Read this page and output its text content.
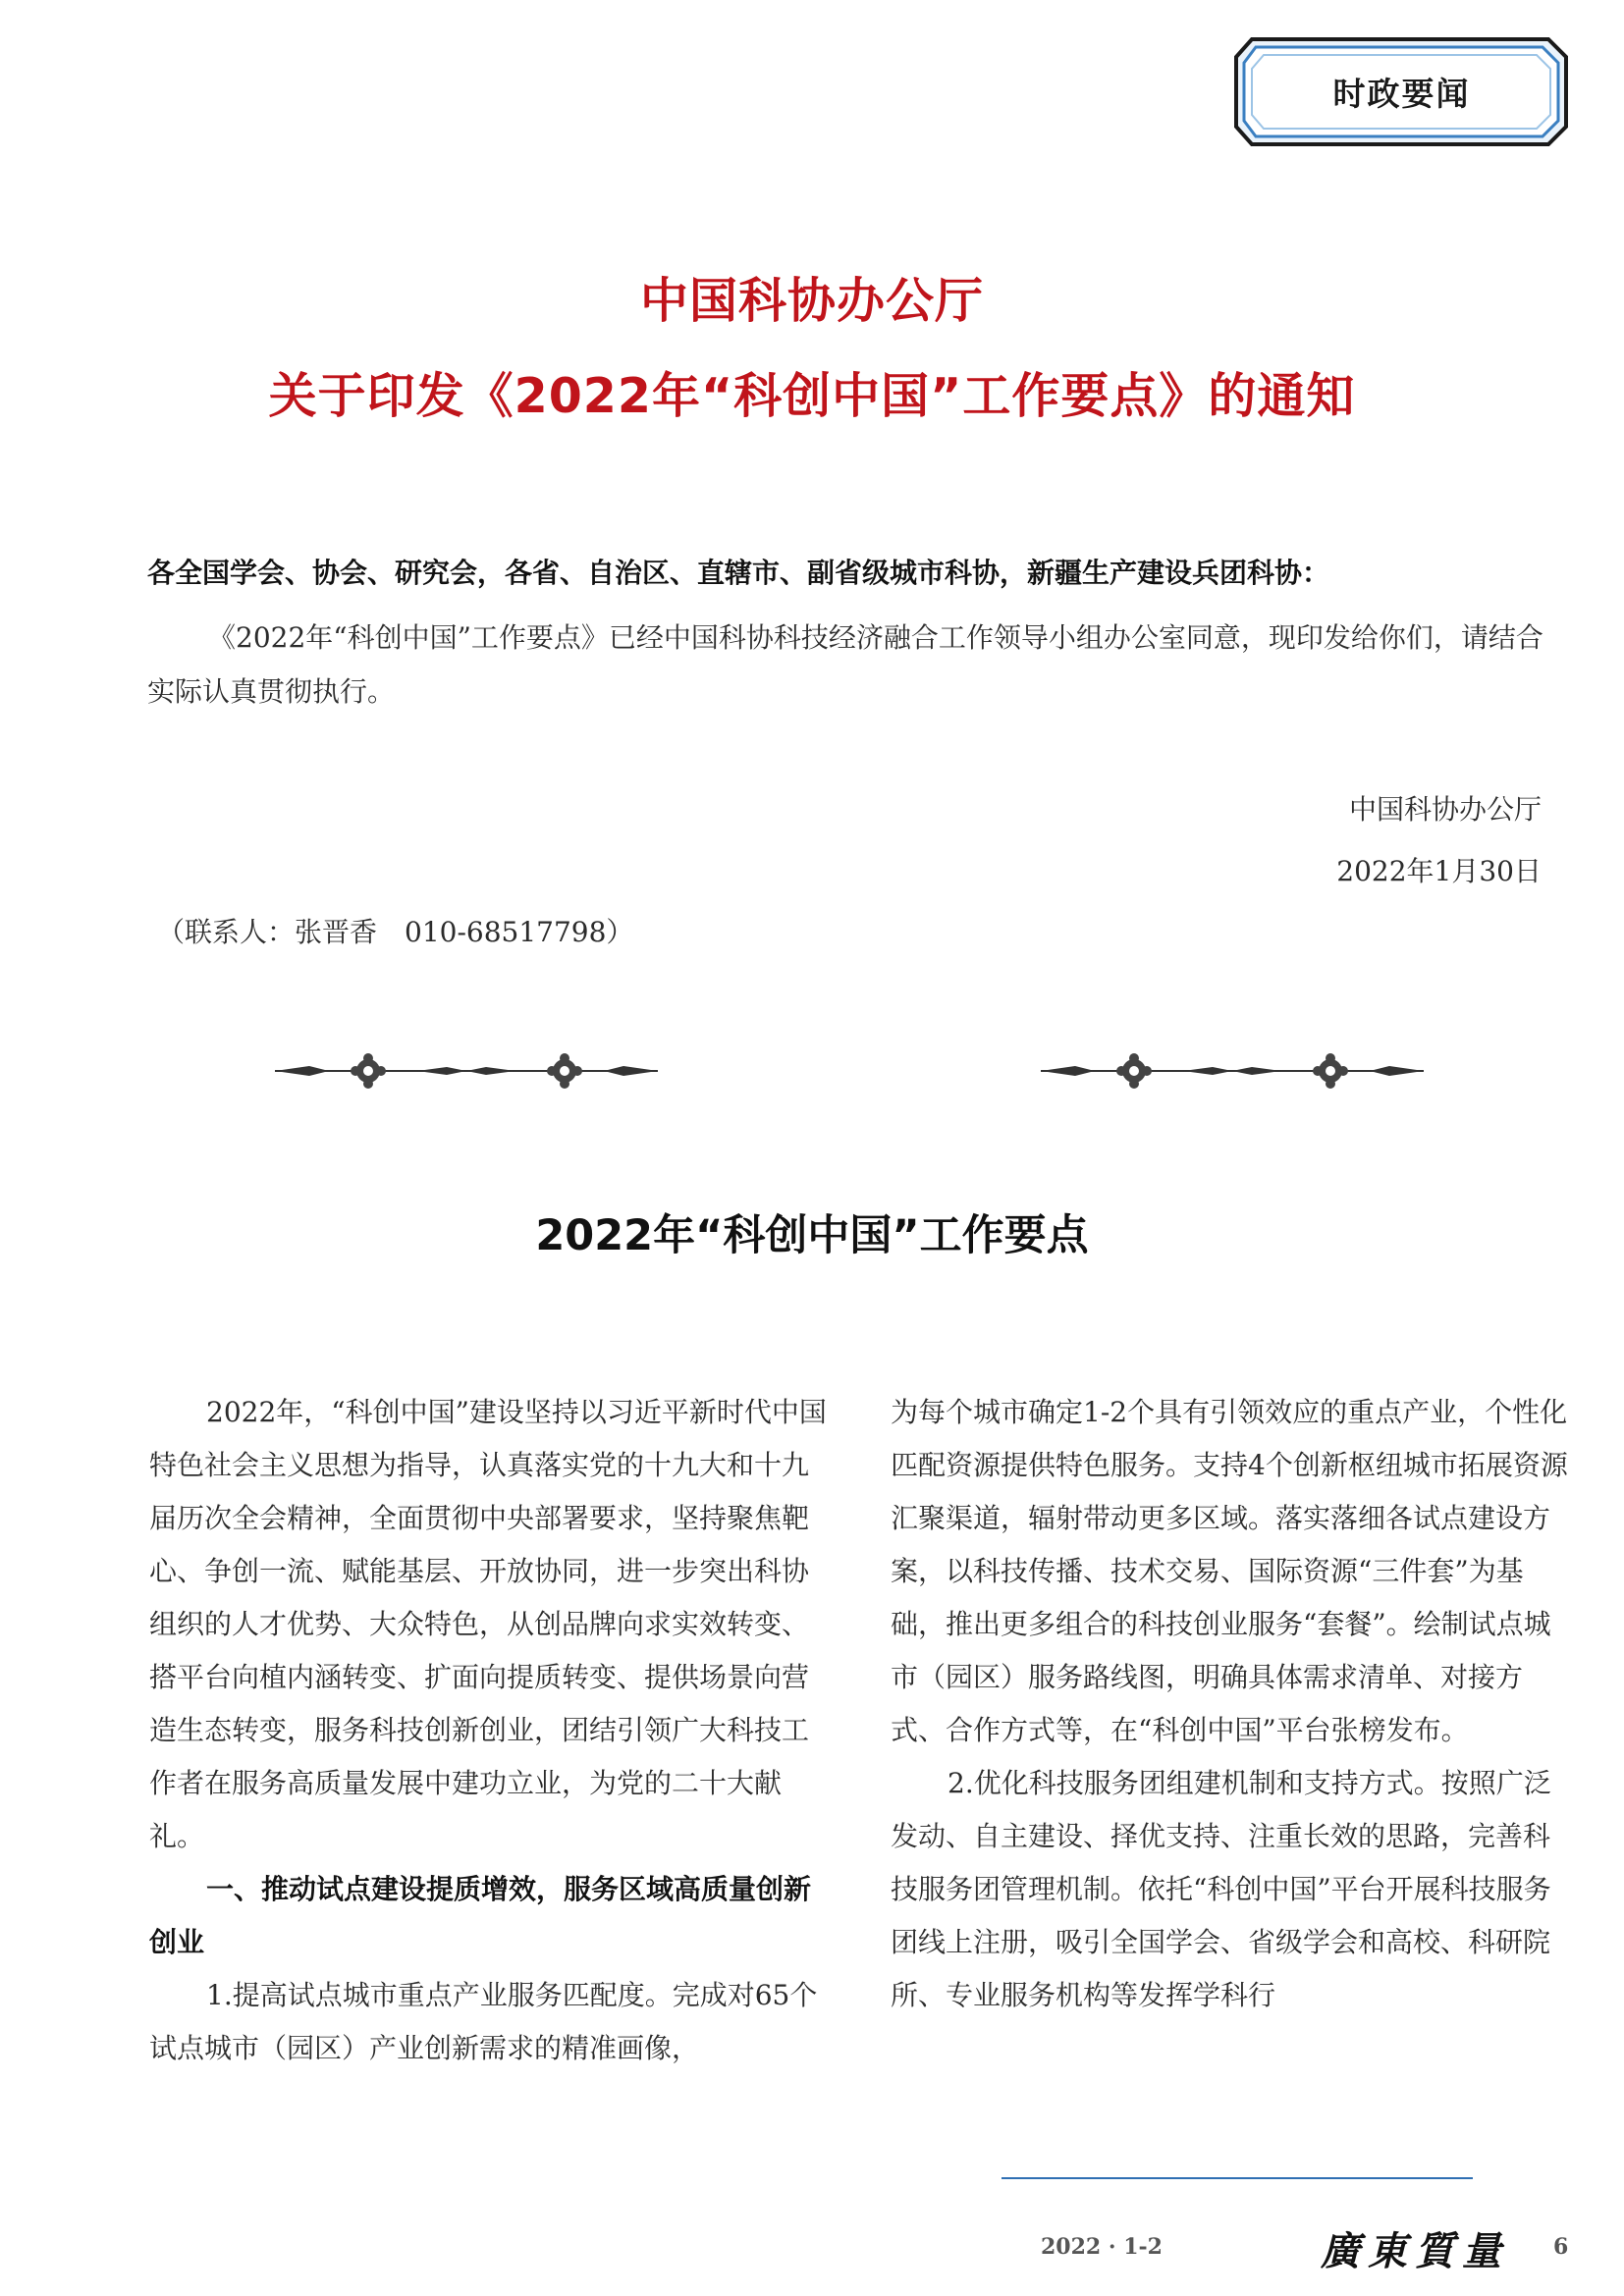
时政要闻
中国科协办公厅
关于印发《2022年“科创中国”工作要点》的通知
各全国学会、协会、研究会，各省、自治区、直辖市、副省级城市科协，新疆生产建设兵团科协：
《2022年“科创中国”工作要点》已经中国科协科技经济融合工作领导小组办公室同意，现印发给你们，请结合实际认真贯彻执行。
中国科协办公厅
2022年1月30日
（联系人：张晋香　010-68517798）
2022年“科创中国”工作要点

2022年，“科创中国”建设坚持以习近平新时代中国特色社会主义思想为指导，认真落实党的十九大和十九届历次全会精神，全面贯彻中央部署要求，坚持聚焦靶心、争创一流、赋能基层、开放协同，进一步突出科协组织的人才优势、大众特色，从创品牌向求实效转变、搭平台向植内涵转变、扩面向提质转变、提供场景向营造生态转变，服务科技创新创业，团结引领广大科技工作者在服务高质量发展中建功立业，为党的二十大献礼。

一、推动试点建设提质增效，服务区域高质量创新创业

1.提高试点城市重点产业服务匹配度。完成对65个试点城市（园区）产业创新需求的精准画像，

为每个城市确定1-2个具有引领效应的重点产业，个性化匹配资源提供特色服务。支持4个创新枢纽城市拓展资源汇聚渠道，辐射带动更多区域。落实落细各试点建设方案，以科技传播、技术交易、国际资源“三件套”为基础，推出更多组合的科技创业服务“套餐”。绘制试点城市（园区）服务路线图，明确具体需求清单、对接方式、合作方式等，在“科创中国”平台张榜发布。

2.优化科技服务团组建机制和支持方式。按照广泛发动、自主建设、择优支持、注重长效的思路，完善科技服务团管理机制。依托“科创中国”平台开展科技服务团线上注册，吸引全国学会、省级学会和高校、科研院所、专业服务机构等发挥学科行

2022 · 1-2	廣東質量 6
